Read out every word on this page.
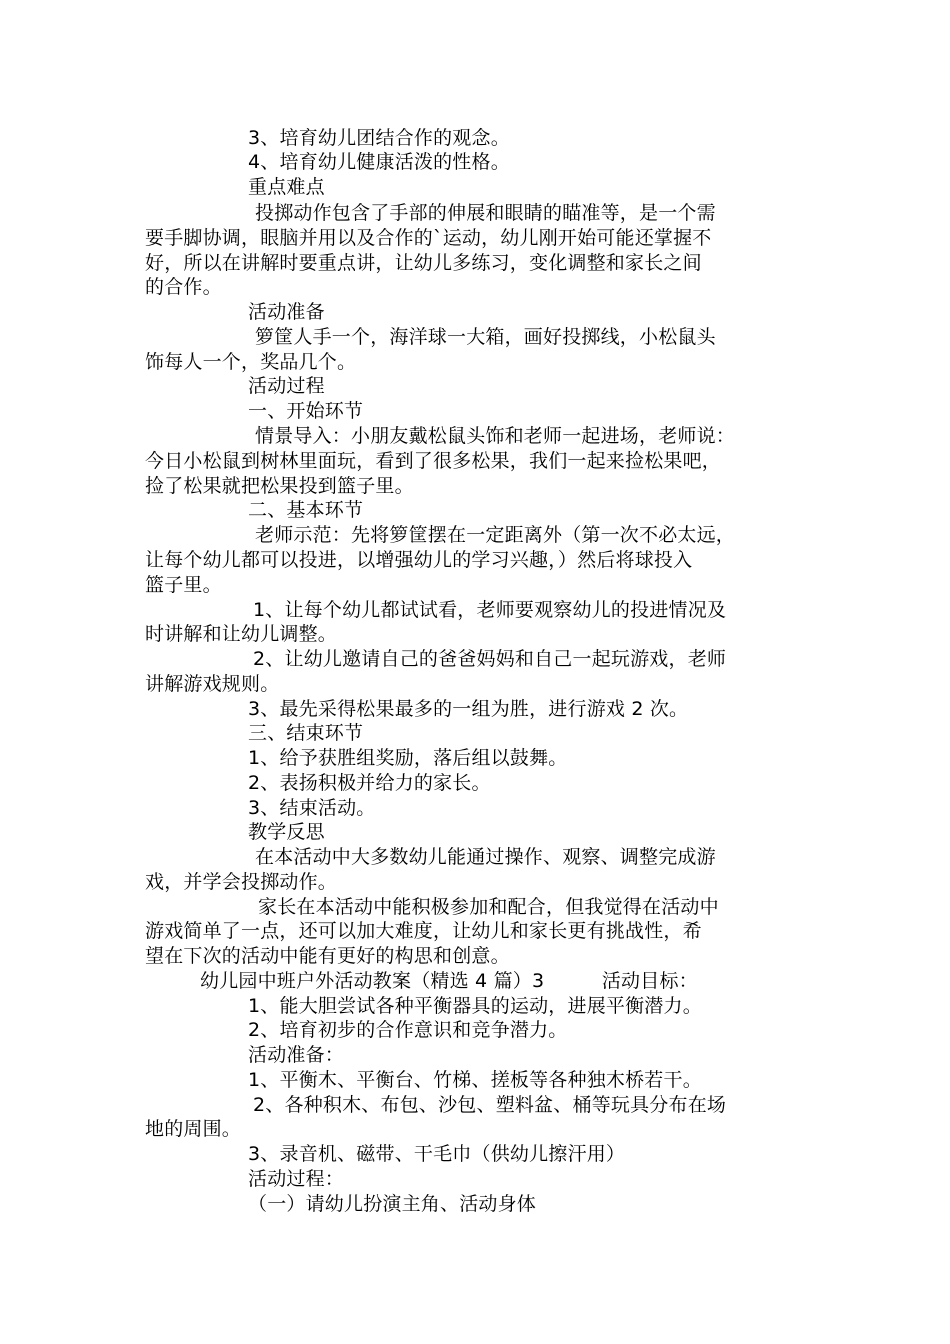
3、培育幼儿团结合作的观念。
4、培育幼儿健康活泼的性格。
重点难点
投掷动作包含了手部的伸展和眼睛的瞄准等，是一个需
要手脚协调，眼脑并用以及合作的`运动，幼儿刚开始可能还掌握不
好，所以在讲解时要重点讲，让幼儿多练习，变化调整和家长之间
的合作。
活动准备
箩筐人手一个，海洋球一大箱，画好投掷线，小松鼠头
饰每人一个，奖品几个。
活动过程
一、开始环节
情景导入：小朋友戴松鼠头饰和老师一起进场，老师说：
今日小松鼠到树林里面玩，看到了很多松果，我们一起来捡松果吧，
捡了松果就把松果投到篮子里。
二、基本环节
老师示范：先将箩筐摆在一定距离外（第一次不必太远，
让每个幼儿都可以投进，以增强幼儿的学习兴趣，）然后将球投入
篮子里。
1、让每个幼儿都试试看，老师要观察幼儿的投进情况及
时讲解和让幼儿调整。
2、让幼儿邀请自己的爸爸妈妈和自己一起玩游戏，老师
讲解游戏规则。
3、最先采得松果最多的一组为胜，进行游戏 2 次。
三、结束环节
1、给予获胜组奖励，落后组以鼓舞。
2、表扬积极并给力的家长。
3、结束活动。
教学反思
在本活动中大多数幼儿能通过操作、观察、调整完成游
戏，并学会投掷动作。
家长在本活动中能积极参加和配合，但我觉得在活动中
游戏简单了一点，还可以加大难度，让幼儿和家长更有挑战性，希
望在下次的活动中能有更好的构思和创意。
幼儿园中班户外活动教案（精选 4 篇）3　　　活动目标：
1、能大胆尝试各种平衡器具的运动，进展平衡潜力。
2、培育初步的合作意识和竞争潜力。
活动准备：
1、平衡木、平衡台、竹梯、搓板等各种独木桥若干。
2、各种积木、布包、沙包、塑料盆、桶等玩具分布在场
地的周围。
3、录音机、磁带、干毛巾（供幼儿擦汗用）
活动过程：
（一）请幼儿扮演主角、活动身体
